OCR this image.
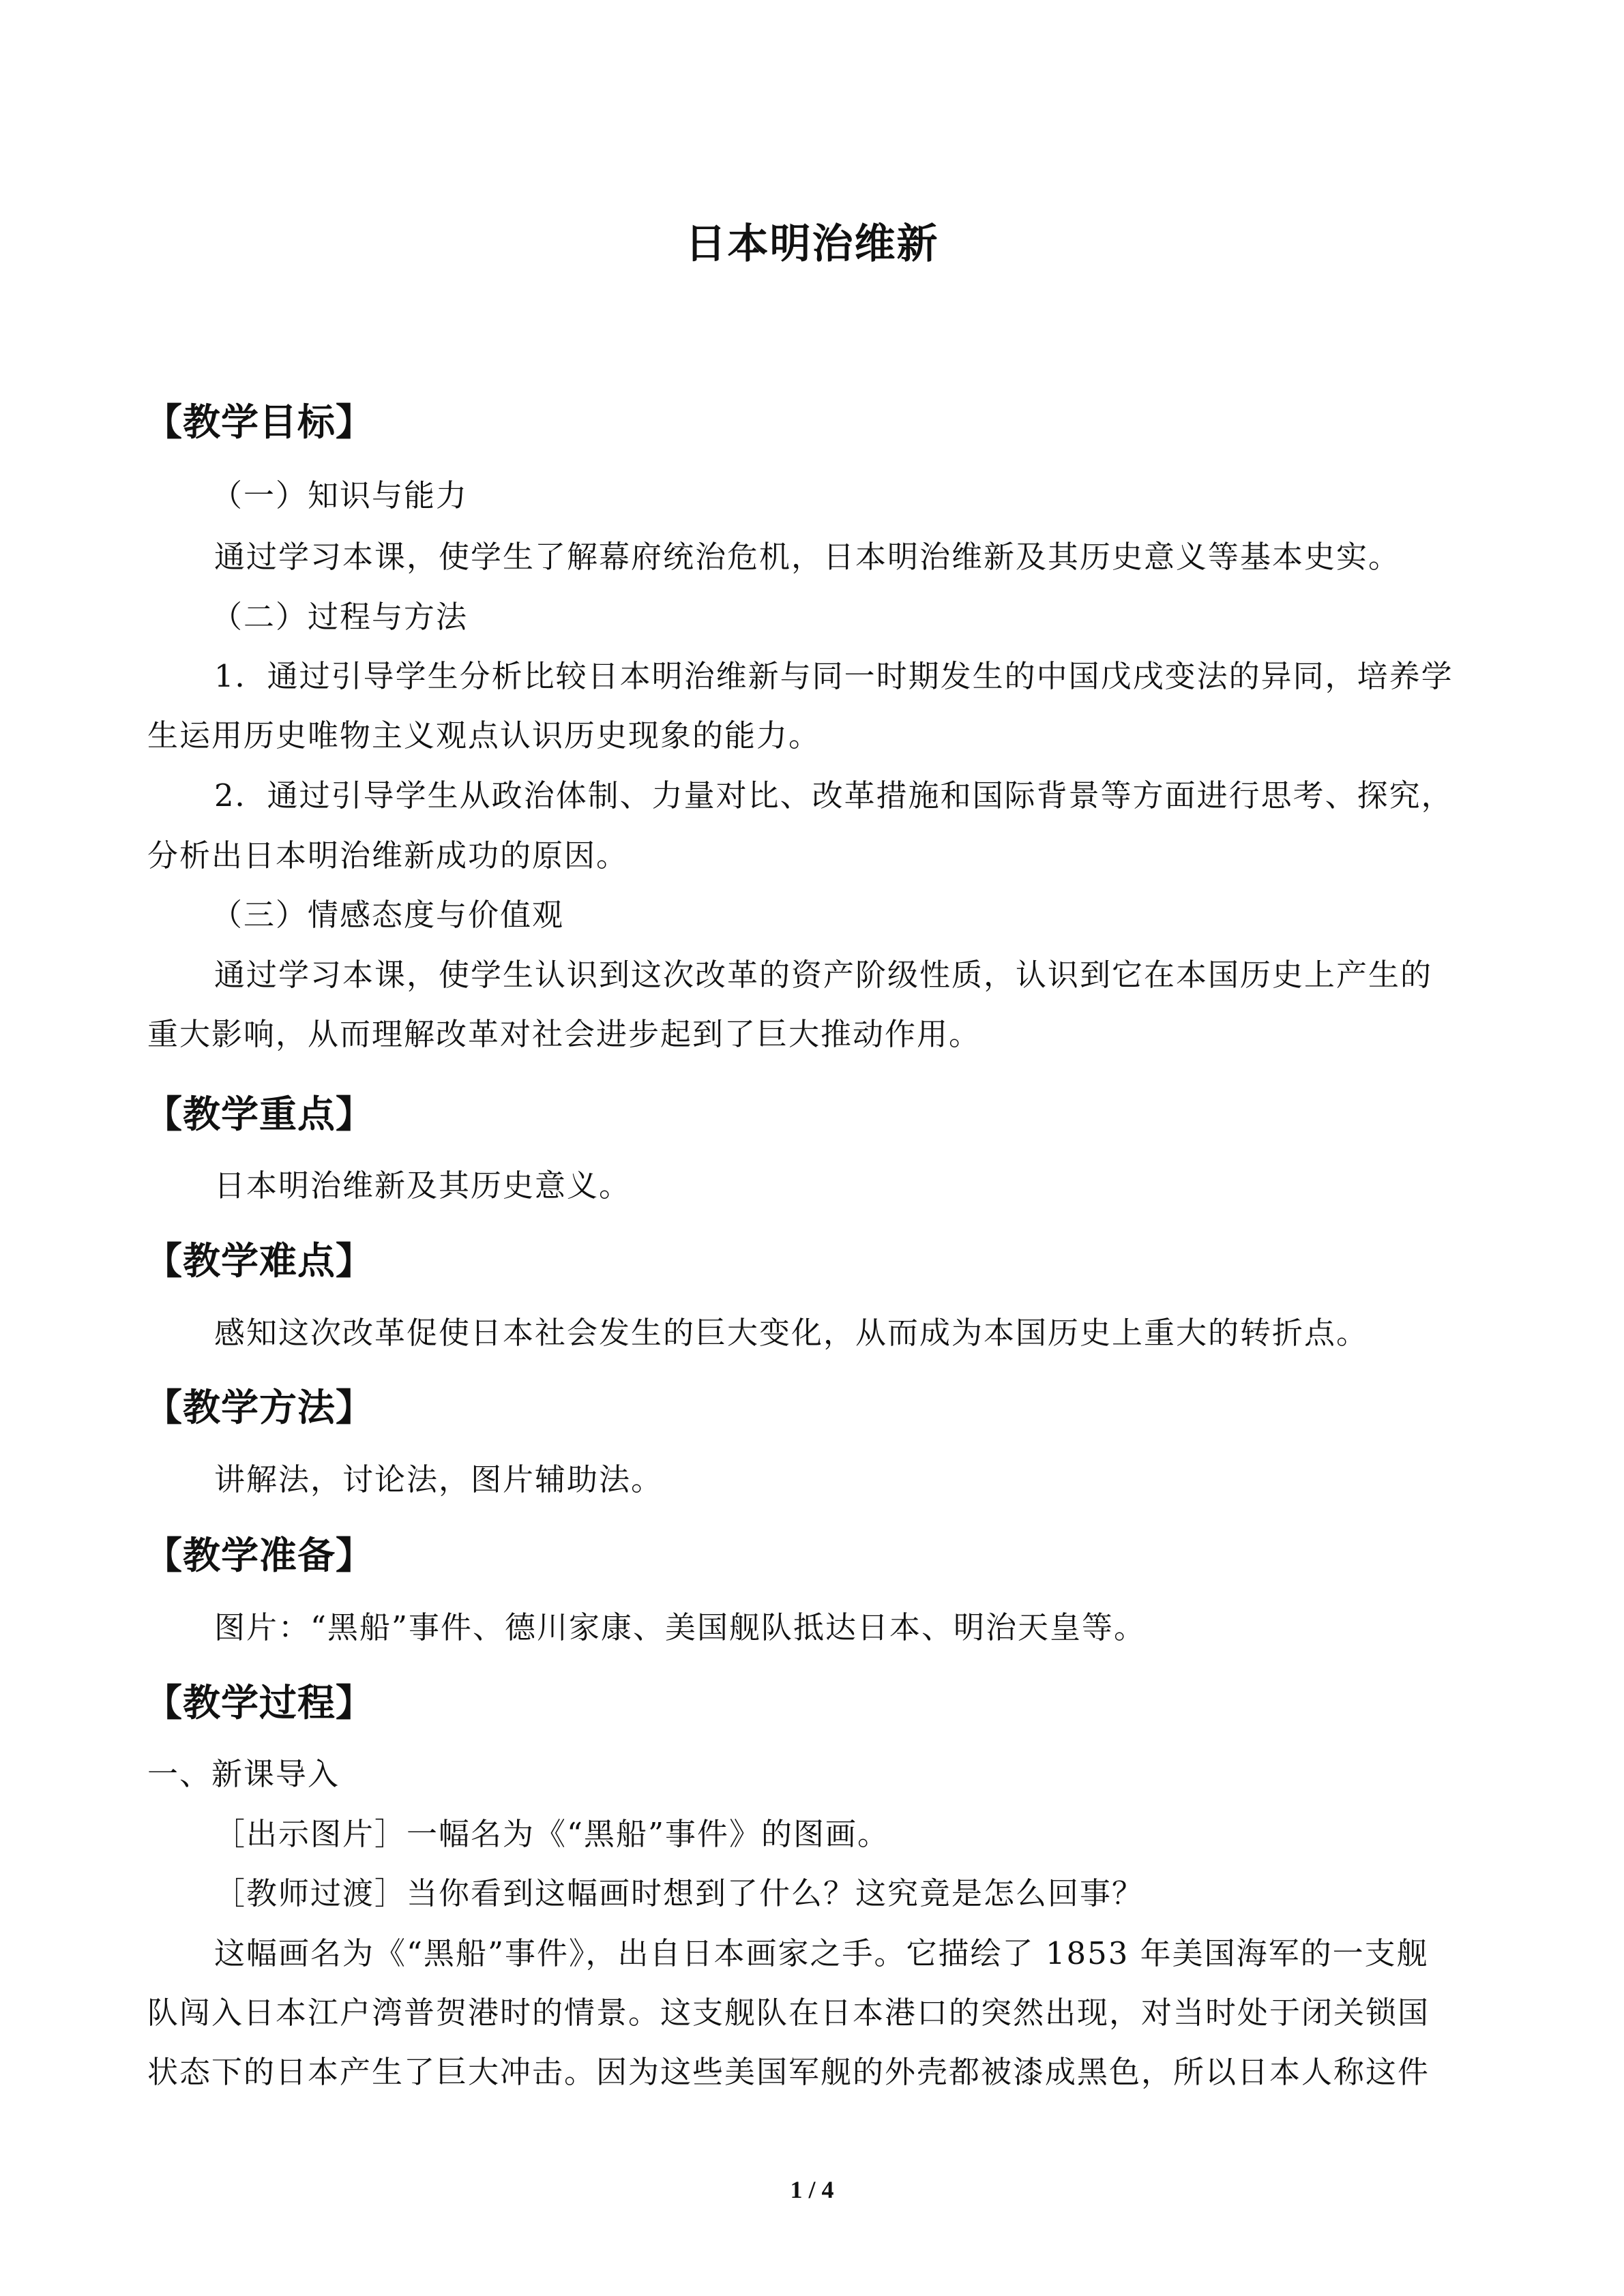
日本明治维新
【教学目标】
（一）知识与能力
通过学习本课，使学生了解幕府统治危机，日本明治维新及其历史意义等基本史实。
（二）过程与方法
1．通过引导学生分析比较日本明治维新与同一时期发生的中国戊戌变法的异同，培养学
生运用历史唯物主义观点认识历史现象的能力。
2．通过引导学生从政治体制、力量对比、改革措施和国际背景等方面进行思考、探究，
分析出日本明治维新成功的原因。
（三）情感态度与价值观
通过学习本课，使学生认识到这次改革的资产阶级性质，认识到它在本国历史上产生的
重大影响，从而理解改革对社会进步起到了巨大推动作用。
【教学重点】
日本明治维新及其历史意义。
【教学难点】
感知这次改革促使日本社会发生的巨大变化，从而成为本国历史上重大的转折点。
【教学方法】
讲解法，讨论法，图片辅助法。
【教学准备】
图片：“黑船”事件、德川家康、美国舰队抵达日本、明治天皇等。
【教学过程】
一、新课导入
［出示图片］一幅名为《“黑船”事件》的图画。
［教师过渡］当你看到这幅画时想到了什么？这究竟是怎么回事？
这幅画名为《“黑船”事件》，出自日本画家之手。它描绘了 1853 年美国海军的一支舰
队闯入日本江户湾普贺港时的情景。这支舰队在日本港口的突然出现，对当时处于闭关锁国
状态下的日本产生了巨大冲击。因为这些美国军舰的外壳都被漆成黑色，所以日本人称这件
1 / 4
